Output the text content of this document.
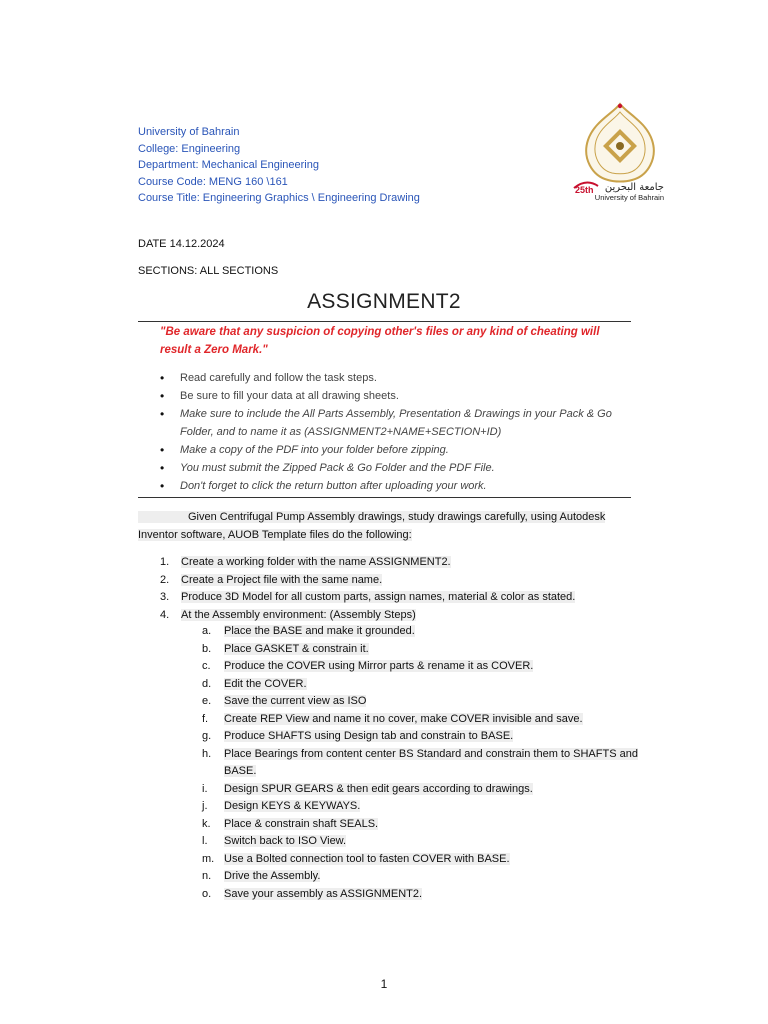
University of Bahrain
College: Engineering
Department: Mechanical Engineering
Course Code: MENG 160 \161
Course Title: Engineering Graphics \ Engineering Drawing
25th جامعة البحرين
University of Bahrain
DATE 14.12.2024
SECTIONS: ALL SECTIONS
ASSIGNMENT2
"Be aware that any suspicion of copying other's files or any kind of cheating will result a Zero Mark."
• Read carefully and follow the task steps.
• Be sure to fill your data at all drawing sheets.
• Make sure to include the All Parts Assembly, Presentation & Drawings in your Pack & Go Folder, and to name it as (ASSIGNMENT2+NAME+SECTION+ID)
• Make a copy of the PDF into your folder before zipping.
• You must submit the Zipped Pack & Go Folder and the PDF File.
• Don't forget to click the return button after uploading your work.
Given Centrifugal Pump Assembly drawings, study drawings carefully, using Autodesk Inventor software, AUOB Template files do the following:
1. Create a working folder with the name ASSIGNMENT2.
2. Create a Project file with the same name.
3. Produce 3D Model for all custom parts, assign names, material & color as stated.
4. At the Assembly environment: (Assembly Steps)
a. Place the BASE and make it grounded.
b. Place GASKET & constrain it.
c. Produce the COVER using Mirror parts & rename it as COVER.
d. Edit the COVER.
e. Save the current view as ISO
f. Create REP View and name it no cover, make COVER invisible and save.
g. Produce SHAFTS using Design tab and constrain to BASE.
h. Place Bearings from content center BS Standard and constrain them to SHAFTS and BASE.
i. Design SPUR GEARS & then edit gears according to drawings.
j. Design KEYS & KEYWAYS.
k. Place & constrain shaft SEALS.
l. Switch back to ISO View.
m. Use a Bolted connection tool to fasten COVER with BASE.
n. Drive the Assembly.
o. Save your assembly as ASSIGNMENT2.
1
